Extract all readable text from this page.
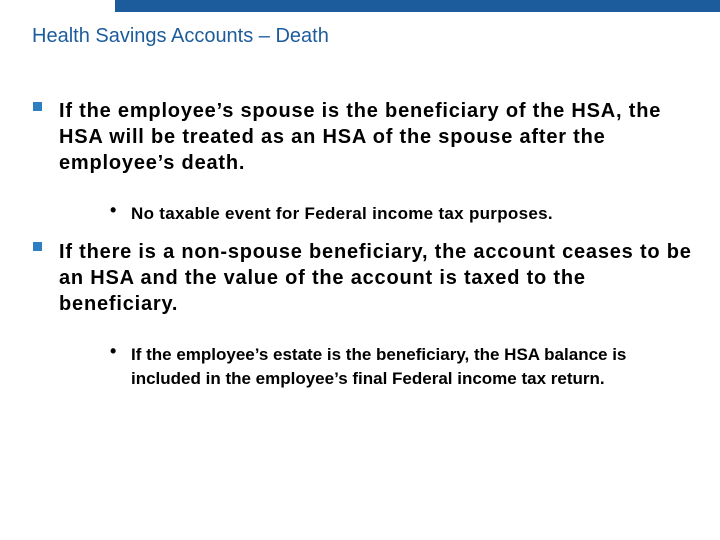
Health Savings Accounts – Death
If the employee’s spouse is the beneficiary of the HSA, the HSA will be treated as an HSA of the spouse after the employee’s death.
• No taxable event for Federal income tax purposes.
If there is a non-spouse beneficiary, the account ceases to be an HSA and the value of the account is taxed to the beneficiary.
• If the employee’s estate is the beneficiary, the HSA balance is included in the employee’s final Federal income tax return.
